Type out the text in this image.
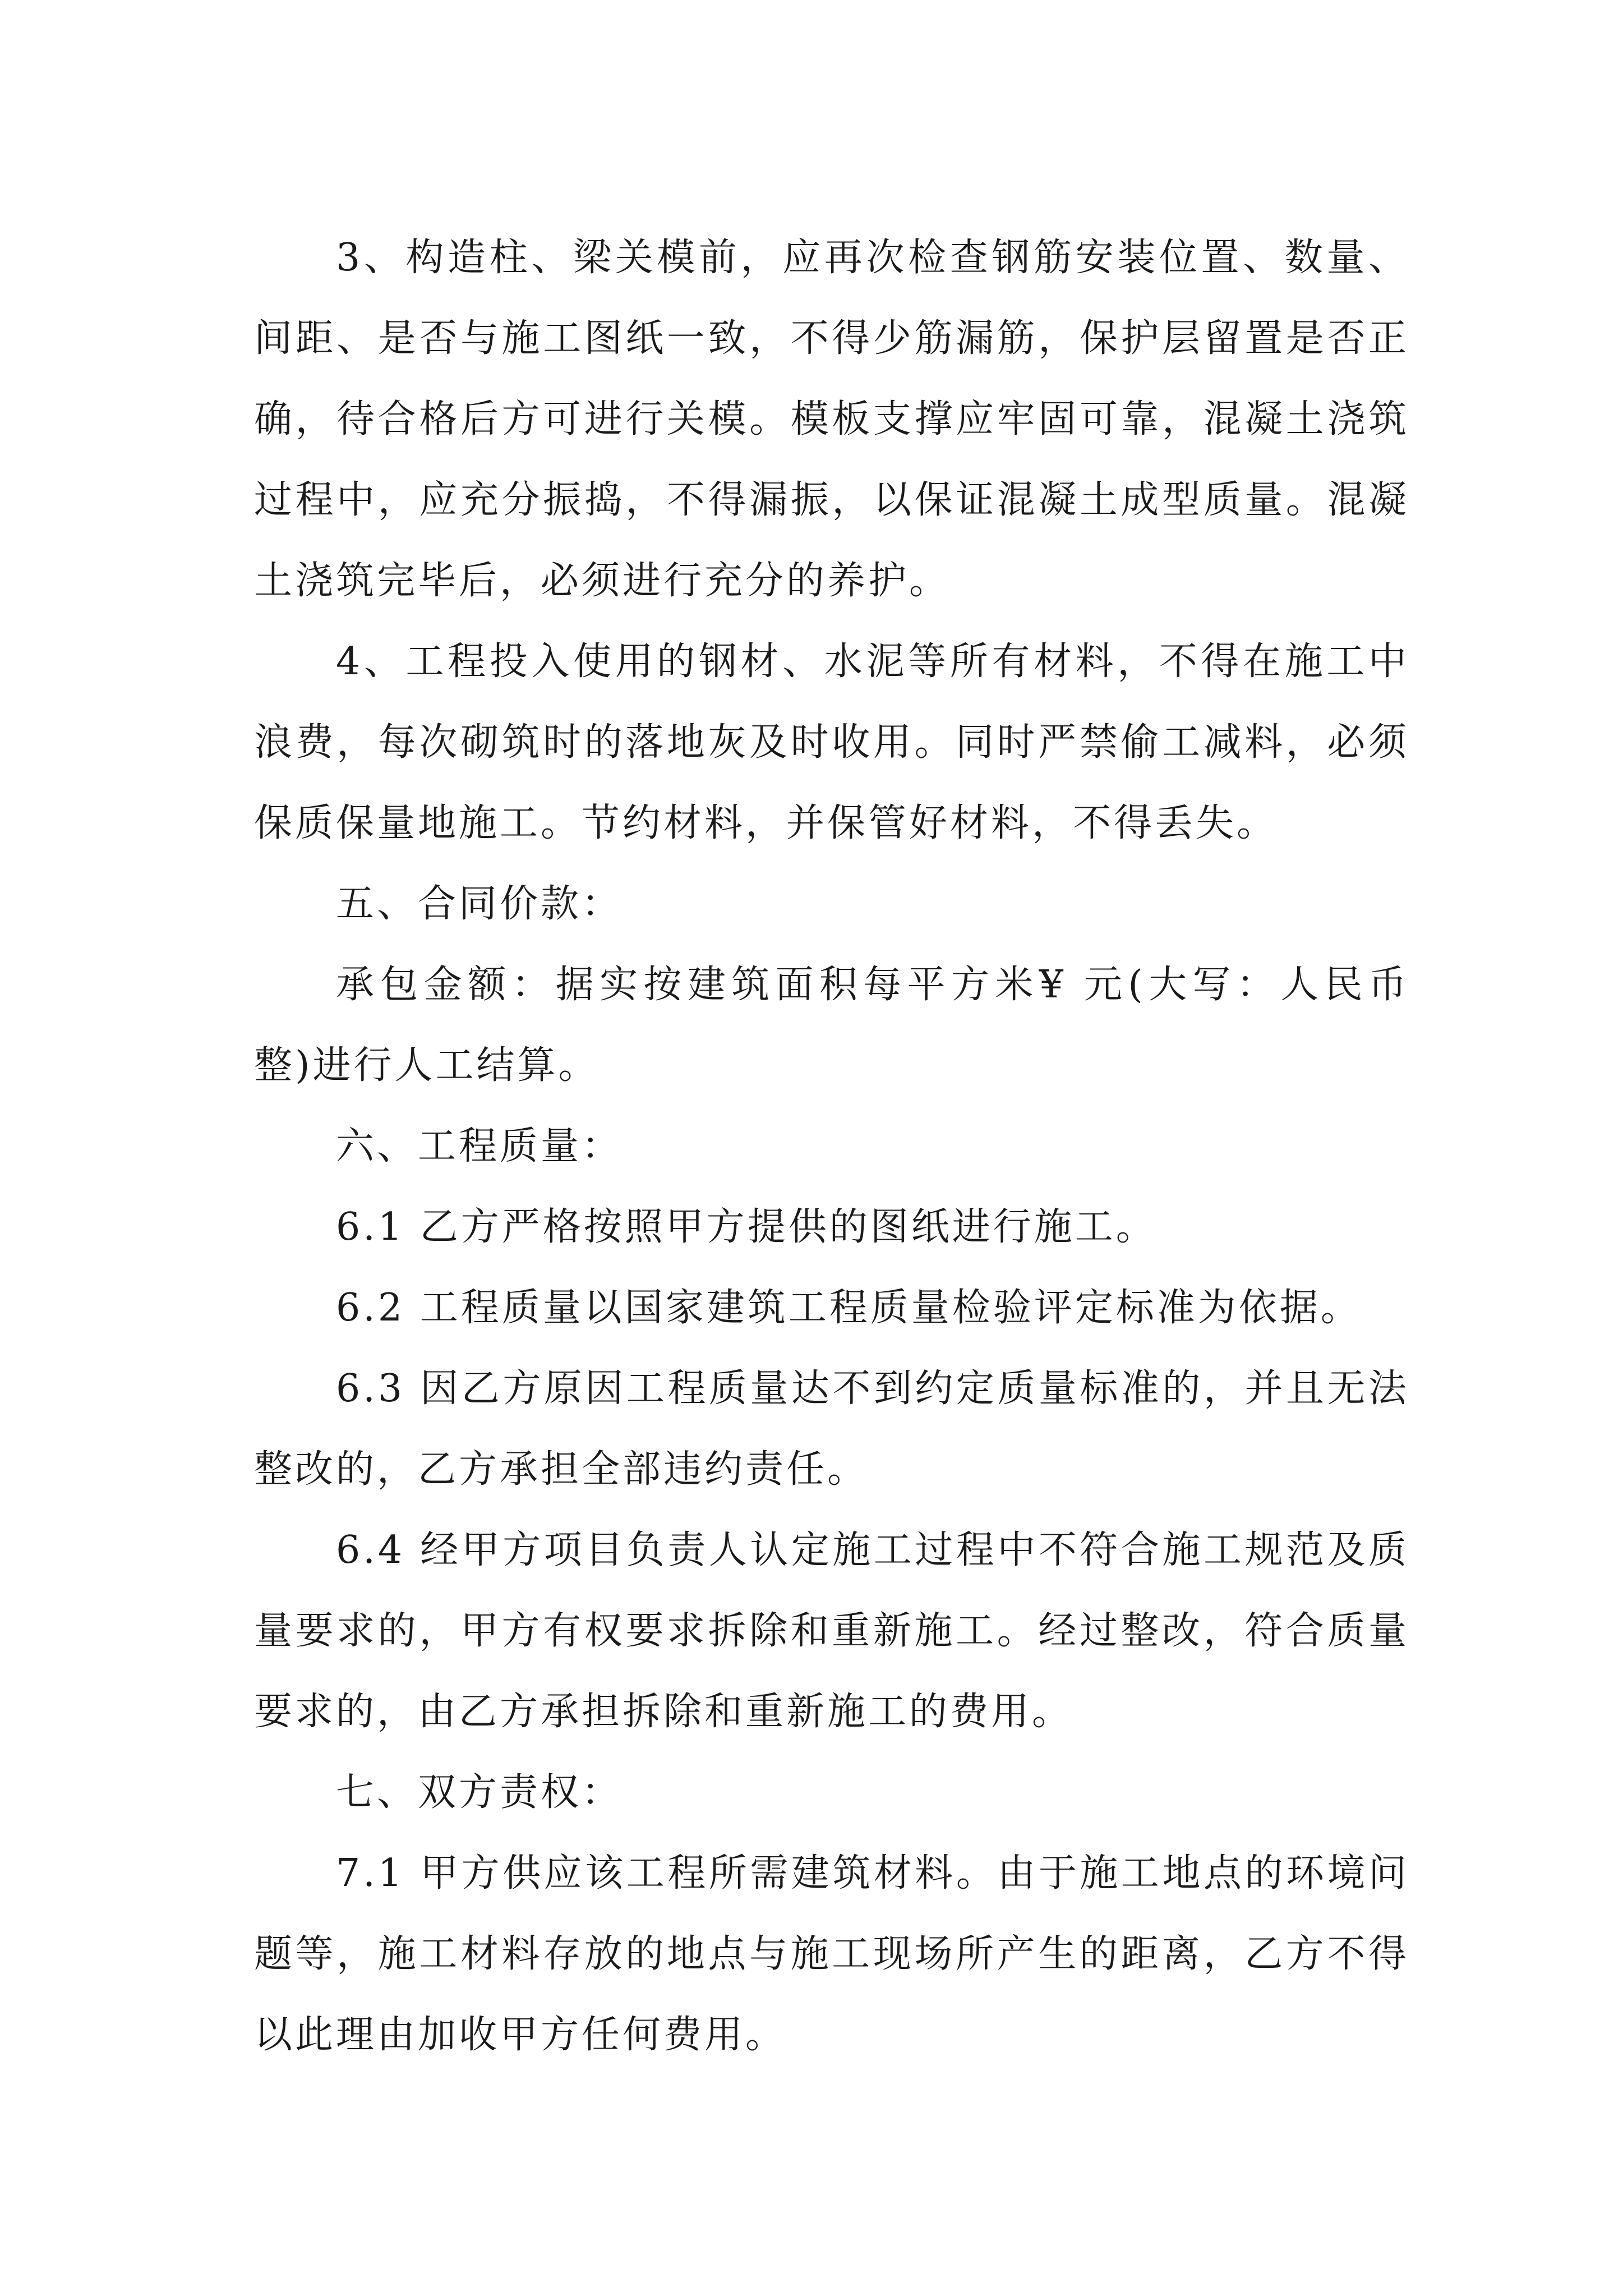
3、构造柱、梁关模前，应再次检查钢筋安装位置、数量、间距、是否与施工图纸一致，不得少筋漏筋，保护层留置是否正确，待合格后方可进行关模。模板支撑应牢固可靠，混凝土浇筑过程中，应充分振捣，不得漏振，以保证混凝土成型质量。混凝土浇筑完毕后，必须进行充分的养护。

4、工程投入使用的钢材、水泥等所有材料，不得在施工中浪费，每次砌筑时的落地灰及时收用。同时严禁偷工减料，必须保质保量地施工。节约材料，并保管好材料，不得丢失。

五、合同价款：

承包金额：据实按建筑面积每平方米¥ 元(大写：人民币 整)进行人工结算。

六、工程质量：

6.1 乙方严格按照甲方提供的图纸进行施工。

6.2 工程质量以国家建筑工程质量检验评定标准为依据。

6.3 因乙方原因工程质量达不到约定质量标准的，并且无法整改的，乙方承担全部违约责任。

6.4 经甲方项目负责人认定施工过程中不符合施工规范及质量要求的，甲方有权要求拆除和重新施工。经过整改，符合质量要求的，由乙方承担拆除和重新施工的费用。

七、双方责权：

7.1 甲方供应该工程所需建筑材料。由于施工地点的环境问题等，施工材料存放的地点与施工现场所产生的距离，乙方不得以此理由加收甲方任何费用。
